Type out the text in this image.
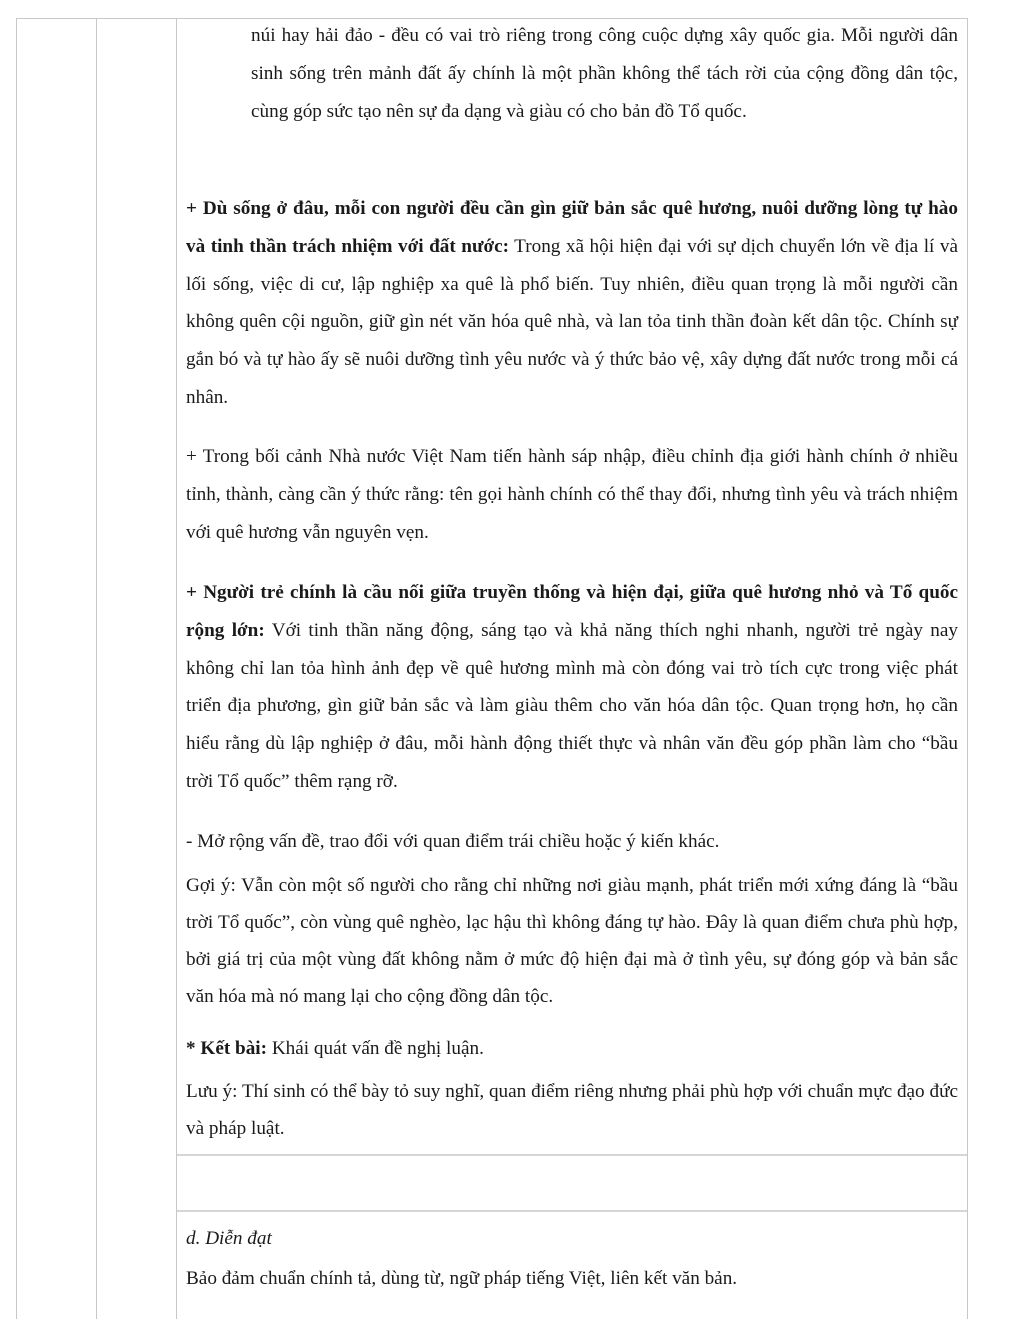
núi hay hải đảo - đều có vai trò riêng trong công cuộc dựng xây quốc gia. Mỗi người dân sinh sống trên mảnh đất ấy chính là một phần không thể tách rời của cộng đồng dân tộc, cùng góp sức tạo nên sự đa dạng và giàu có cho bản đồ Tổ quốc.

+ Dù sống ở đâu, mỗi con người đều cần gìn giữ bản sắc quê hương, nuôi dưỡng lòng tự hào và tinh thần trách nhiệm với đất nước: Trong xã hội hiện đại với sự dịch chuyển lớn về địa lí và lối sống, việc di cư, lập nghiệp xa quê là phổ biến. Tuy nhiên, điều quan trọng là mỗi người cần không quên cội nguồn, giữ gìn nét văn hóa quê nhà, và lan tỏa tinh thần đoàn kết dân tộc. Chính sự gắn bó và tự hào ấy sẽ nuôi dưỡng tình yêu nước và ý thức bảo vệ, xây dựng đất nước trong mỗi cá nhân.

+ Trong bối cảnh Nhà nước Việt Nam tiến hành sáp nhập, điều chỉnh địa giới hành chính ở nhiều tỉnh, thành, càng cần ý thức rằng: tên gọi hành chính có thể thay đổi, nhưng tình yêu và trách nhiệm với quê hương vẫn nguyên vẹn.

+ Người trẻ chính là cầu nối giữa truyền thống và hiện đại, giữa quê hương nhỏ và Tổ quốc rộng lớn: Với tinh thần năng động, sáng tạo và khả năng thích nghi nhanh, người trẻ ngày nay không chỉ lan tỏa hình ảnh đẹp về quê hương mình mà còn đóng vai trò tích cực trong việc phát triển địa phương, gìn giữ bản sắc và làm giàu thêm cho văn hóa dân tộc. Quan trọng hơn, họ cần hiểu rằng dù lập nghiệp ở đâu, mỗi hành động thiết thực và nhân văn đều góp phần làm cho “bầu trời Tổ quốc” thêm rạng rỡ.

- Mở rộng vấn đề, trao đổi với quan điểm trái chiều hoặc ý kiến khác.

Gợi ý: Vẫn còn một số người cho rằng chỉ những nơi giàu mạnh, phát triển mới xứng đáng là “bầu trời Tổ quốc”, còn vùng quê nghèo, lạc hậu thì không đáng tự hào. Đây là quan điểm chưa phù hợp, bởi giá trị của một vùng đất không nằm ở mức độ hiện đại mà ở tình yêu, sự đóng góp và bản sắc văn hóa mà nó mang lại cho cộng đồng dân tộc.

* Kết bài: Khái quát vấn đề nghị luận.

Lưu ý: Thí sinh có thể bày tỏ suy nghĩ, quan điểm riêng nhưng phải phù hợp với chuẩn mực đạo đức và pháp luật.

d. Diễn đạt

Bảo đảm chuẩn chính tả, dùng từ, ngữ pháp tiếng Việt, liên kết văn bản.
